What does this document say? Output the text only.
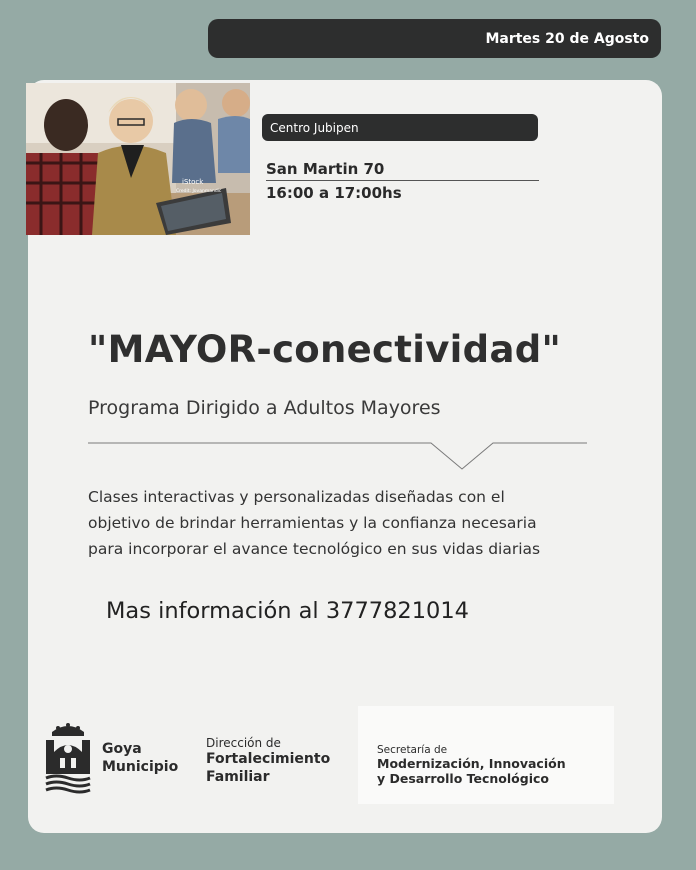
Martes 20 de Agosto
iStock
Credit: Jovanmandic
Centro Jubipen
San Martin 70
16:00 a 17:00hs
"MAYOR-conectividad"
Programa Dirigido a Adultos Mayores
Clases interactivas y personalizadas diseñadas con el
objetivo de brindar herramientas y la confianza necesaria
para incorporar el avance tecnológico en sus vidas diarias
Mas información al 3777821014
Goya
Municipio
Dirección de
Fortalecimiento
Familiar
Secretaría de
Modernización, Innovación
y Desarrollo Tecnológico
